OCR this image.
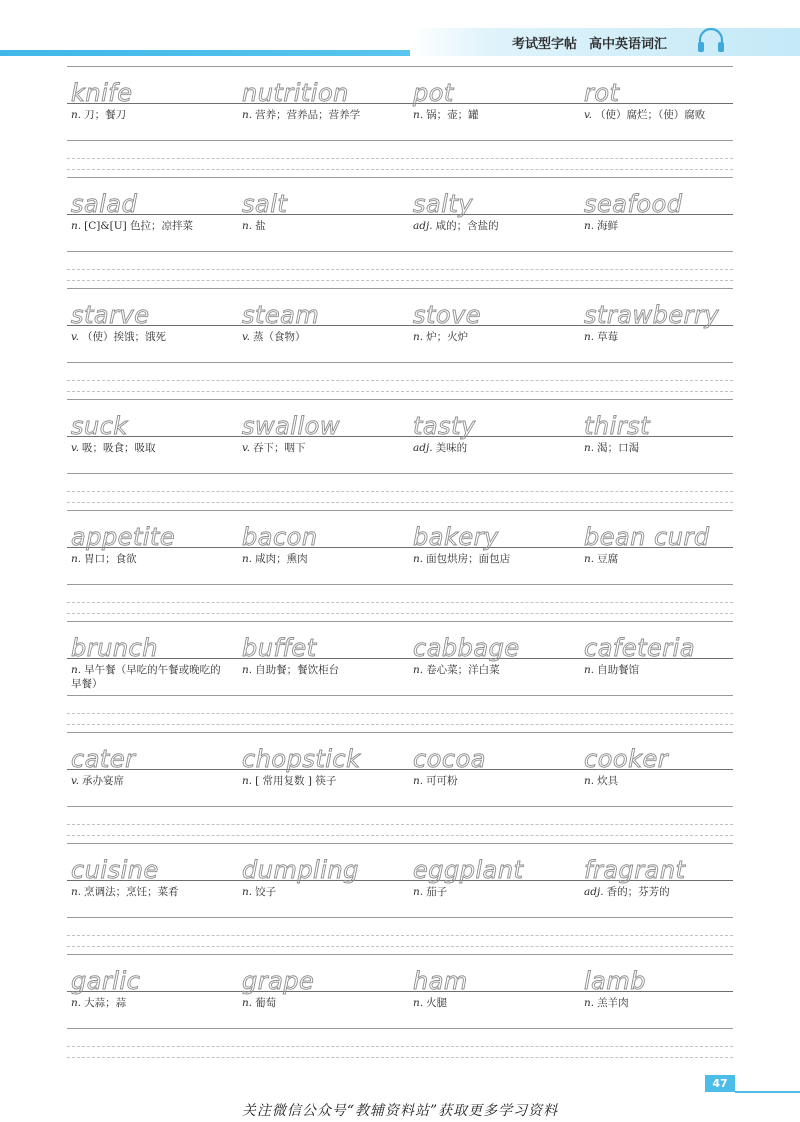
考试型字帖 高中英语词汇
knife
n. 刀；餐刀
nutrition
n. 营养；营养品；营养学
pot
n. 锅；壶；罐
rot
v. （使）腐烂；（使）腐败
salad
n. [C]&[U] 色拉；凉拌菜
salt
n. 盐
salty
adj. 咸的；含盐的
seafood
n. 海鲜
starve
v. （使）挨饿；饿死
steam
v. 蒸（食物）
stove
n. 炉；火炉
strawberry
n. 草莓
suck
v. 吸；吸食；吸取
swallow
v. 吞下；咽下
tasty
adj. 美味的
thirst
n. 渴；口渴
appetite
n. 胃口；食欲
bacon
n. 咸肉；熏肉
bakery
n. 面包烘房；面包店
bean curd
n. 豆腐
brunch
n. 早午餐（早吃的午餐或晚吃的早餐）
buffet
n. 自助餐；餐饮柜台
cabbage
n. 卷心菜；洋白菜
cafeteria
n. 自助餐馆
cater
v. 承办宴席
chopstick
n. [ 常用复数 ] 筷子
cocoa
n. 可可粉
cooker
n. 炊具
cuisine
n. 烹调法；烹饪；菜肴
dumpling
n. 饺子
eggplant
n. 茄子
fragrant
adj. 香的；芬芳的
garlic
n. 大蒜；蒜
grape
n. 葡萄
ham
n. 火腿
lamb
n. 羔羊肉
47
关注微信公众号“教辅资料站”获取更多学习资料
